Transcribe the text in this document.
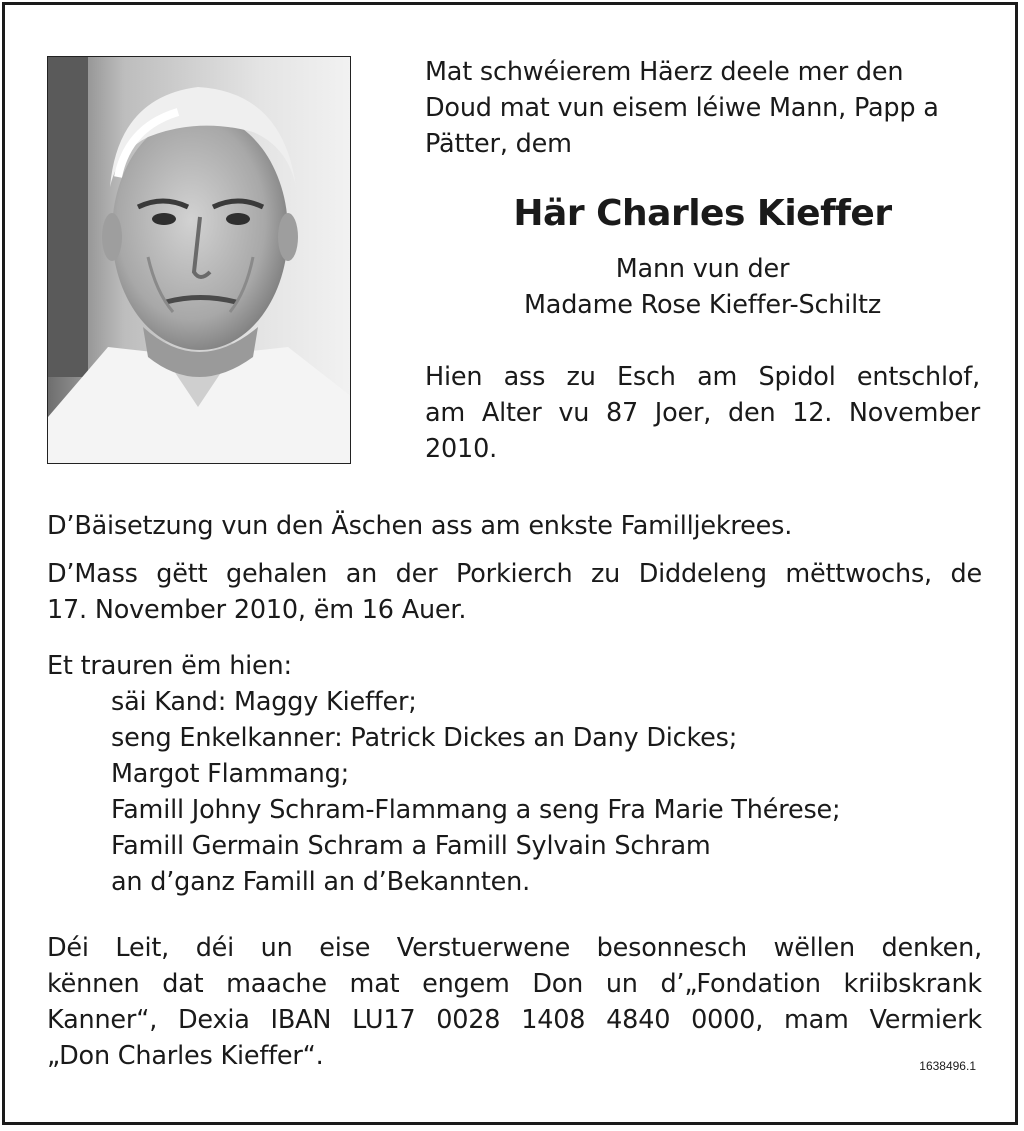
Mat schwéierem Häerz deele mer den
Doud mat vun eisem léiwe Mann, Papp a
Pätter, dem
Här Charles Kieffer
Mann vun der
Madame Rose Kieffer-Schiltz
Hien ass zu Esch am Spidol entschlof,
am Alter vu 87 Joer, den 12. November
2010.
D’Bäisetzung vun den Äschen ass am enkste Familljekrees.
D’Mass gëtt gehalen an der Porkierch zu Diddeleng mëttwochs, de
17. November 2010, ëm 16 Auer.
Et trauren ëm hien:
säi Kand: Maggy Kieffer;
seng Enkelkanner: Patrick Dickes an Dany Dickes;
Margot Flammang;
Famill Johny Schram-Flammang a seng Fra Marie Thérese;
Famill Germain Schram a Famill Sylvain Schram
an d’ganz Famill an d’Bekannten.
Déi Leit, déi un eise Verstuerwene besonnesch wëllen denken,
kënnen dat maache mat engem Don un d’„Fondation kriibskrank
Kanner“, Dexia IBAN LU17 0028 1408 4840 0000, mam Vermierk
„Don Charles Kieffer“.	1638496.1
